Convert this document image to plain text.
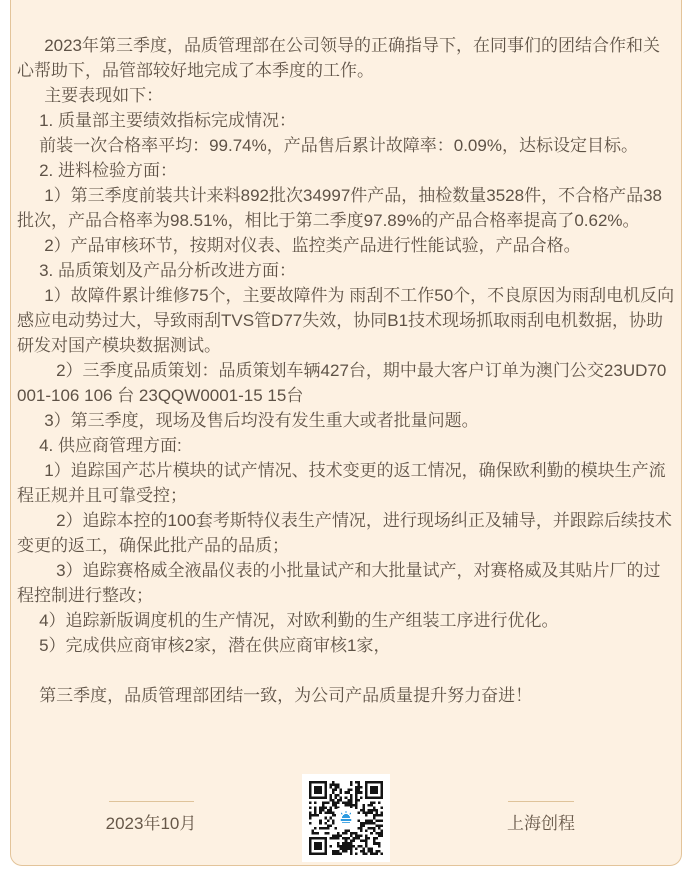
2023年第三季度，品质管理部在公司领导的正确指导下，在同事们的团结合作和关心帮助下，品管部较好地完成了本季度的工作。

主要表现如下：

1. 质量部主要绩效指标完成情况：

前装一次合格率平均：99.74%，产品售后累计故障率：0.09%，达标设定目标。

2. 进料检验方面：

1）第三季度前装共计来料892批次34997件产品，抽检数量3528件，不合格产品38批次，产品合格率为98.51%，相比于第二季度97.89%的产品合格率提高了0.62%。

2）产品审核环节，按期对仪表、监控类产品进行性能试验，产品合格。

3. 品质策划及产品分析改进方面：

1）故障件累计维修75个，主要故障件为 雨刮不工作50个，不良原因为雨刮电机反向感应电动势过大，导致雨刮TVS管D77失效，协同B1技术现场抓取雨刮电机数据，协助研发对国产模块数据测试。

2）三季度品质策划：品质策划车辆427台，期中最大客户订单为澳门公交23UD70001-106 106 台 23QQW0001-15 15台

3）第三季度，现场及售后均没有发生重大或者批量问题。

4. 供应商管理方面:

1）追踪国产芯片模块的试产情况、技术变更的返工情况，确保欧利勤的模块生产流程正规并且可靠受控；

2）追踪本控的100套考斯特仪表生产情况，进行现场纠正及辅导，并跟踪后续技术变更的返工，确保此批产品的品质；

3）追踪赛格威全液晶仪表的小批量试产和大批量试产，对赛格威及其贴片厂的过程控制进行整改；

4）追踪新版调度机的生产情况，对欧利勤的生产组装工序进行优化。

5）完成供应商审核2家，潜在供应商审核1家，

第三季度，品质管理部团结一致，为公司产品质量提升努力奋进！

2023年10月	上海创程
